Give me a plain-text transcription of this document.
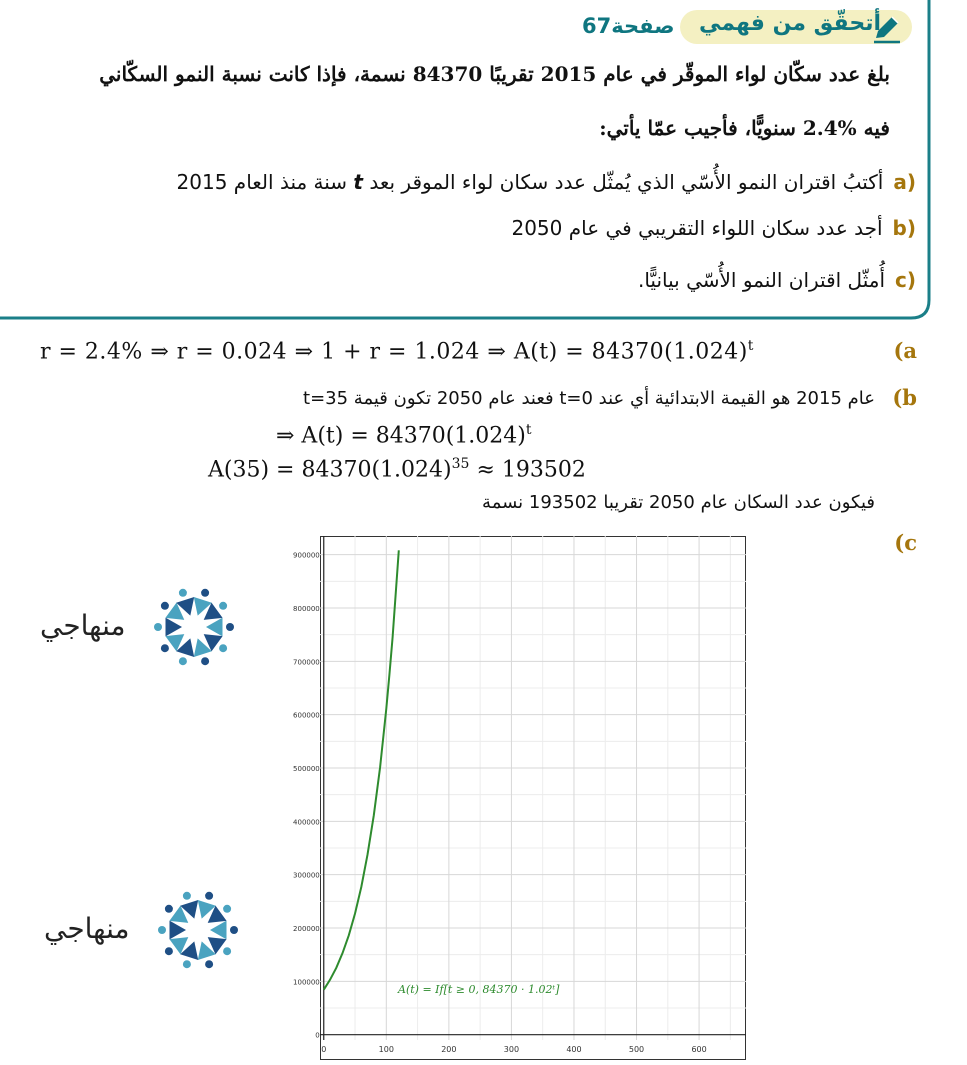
أتحقّق من فهمي
صفحة67
بلغ عدد سكّان لواء الموقّر في عام 2015 تقريبًا 84370 نسمة، فإذا كانت نسبة النمو السكّاني
فيه 2.4% سنويًّا، فأجيب عمّا يأتي:
a)أكتبُ اقتران النمو الأُسّي الذي يُمثّل عدد سكان لواء الموقر بعد t سنة منذ العام 2015
b)أجد عدد سكان اللواء التقريبي في عام 2050
c)أُمثّل اقتران النمو الأُسّي بيانيًّا.
(a
r = 2.4% ⇒ r = 0.024 ⇒ 1 + r = 1.024 ⇒ $A(t) = 84370(1.024)^t$
(b
عام 2015 هو القيمة الابتدائية أي عند t=0 فعند عام 2050 تكون قيمة t=35
⇒ $A(t) = 84370(1.024)^t$
$A(35) = 84370(1.024)^{35} \approx 193502$
فيكون عدد السكان عام 2050 تقريبا 193502 نسمة
(c
منهاجي
منهاجي
0	100	200	300	400	500	600
0
100000
200000
300000
400000
500000
600000
700000
800000
900000
A(t) = If[t ≥ 0, 84370 · 1.02ᵗ]
